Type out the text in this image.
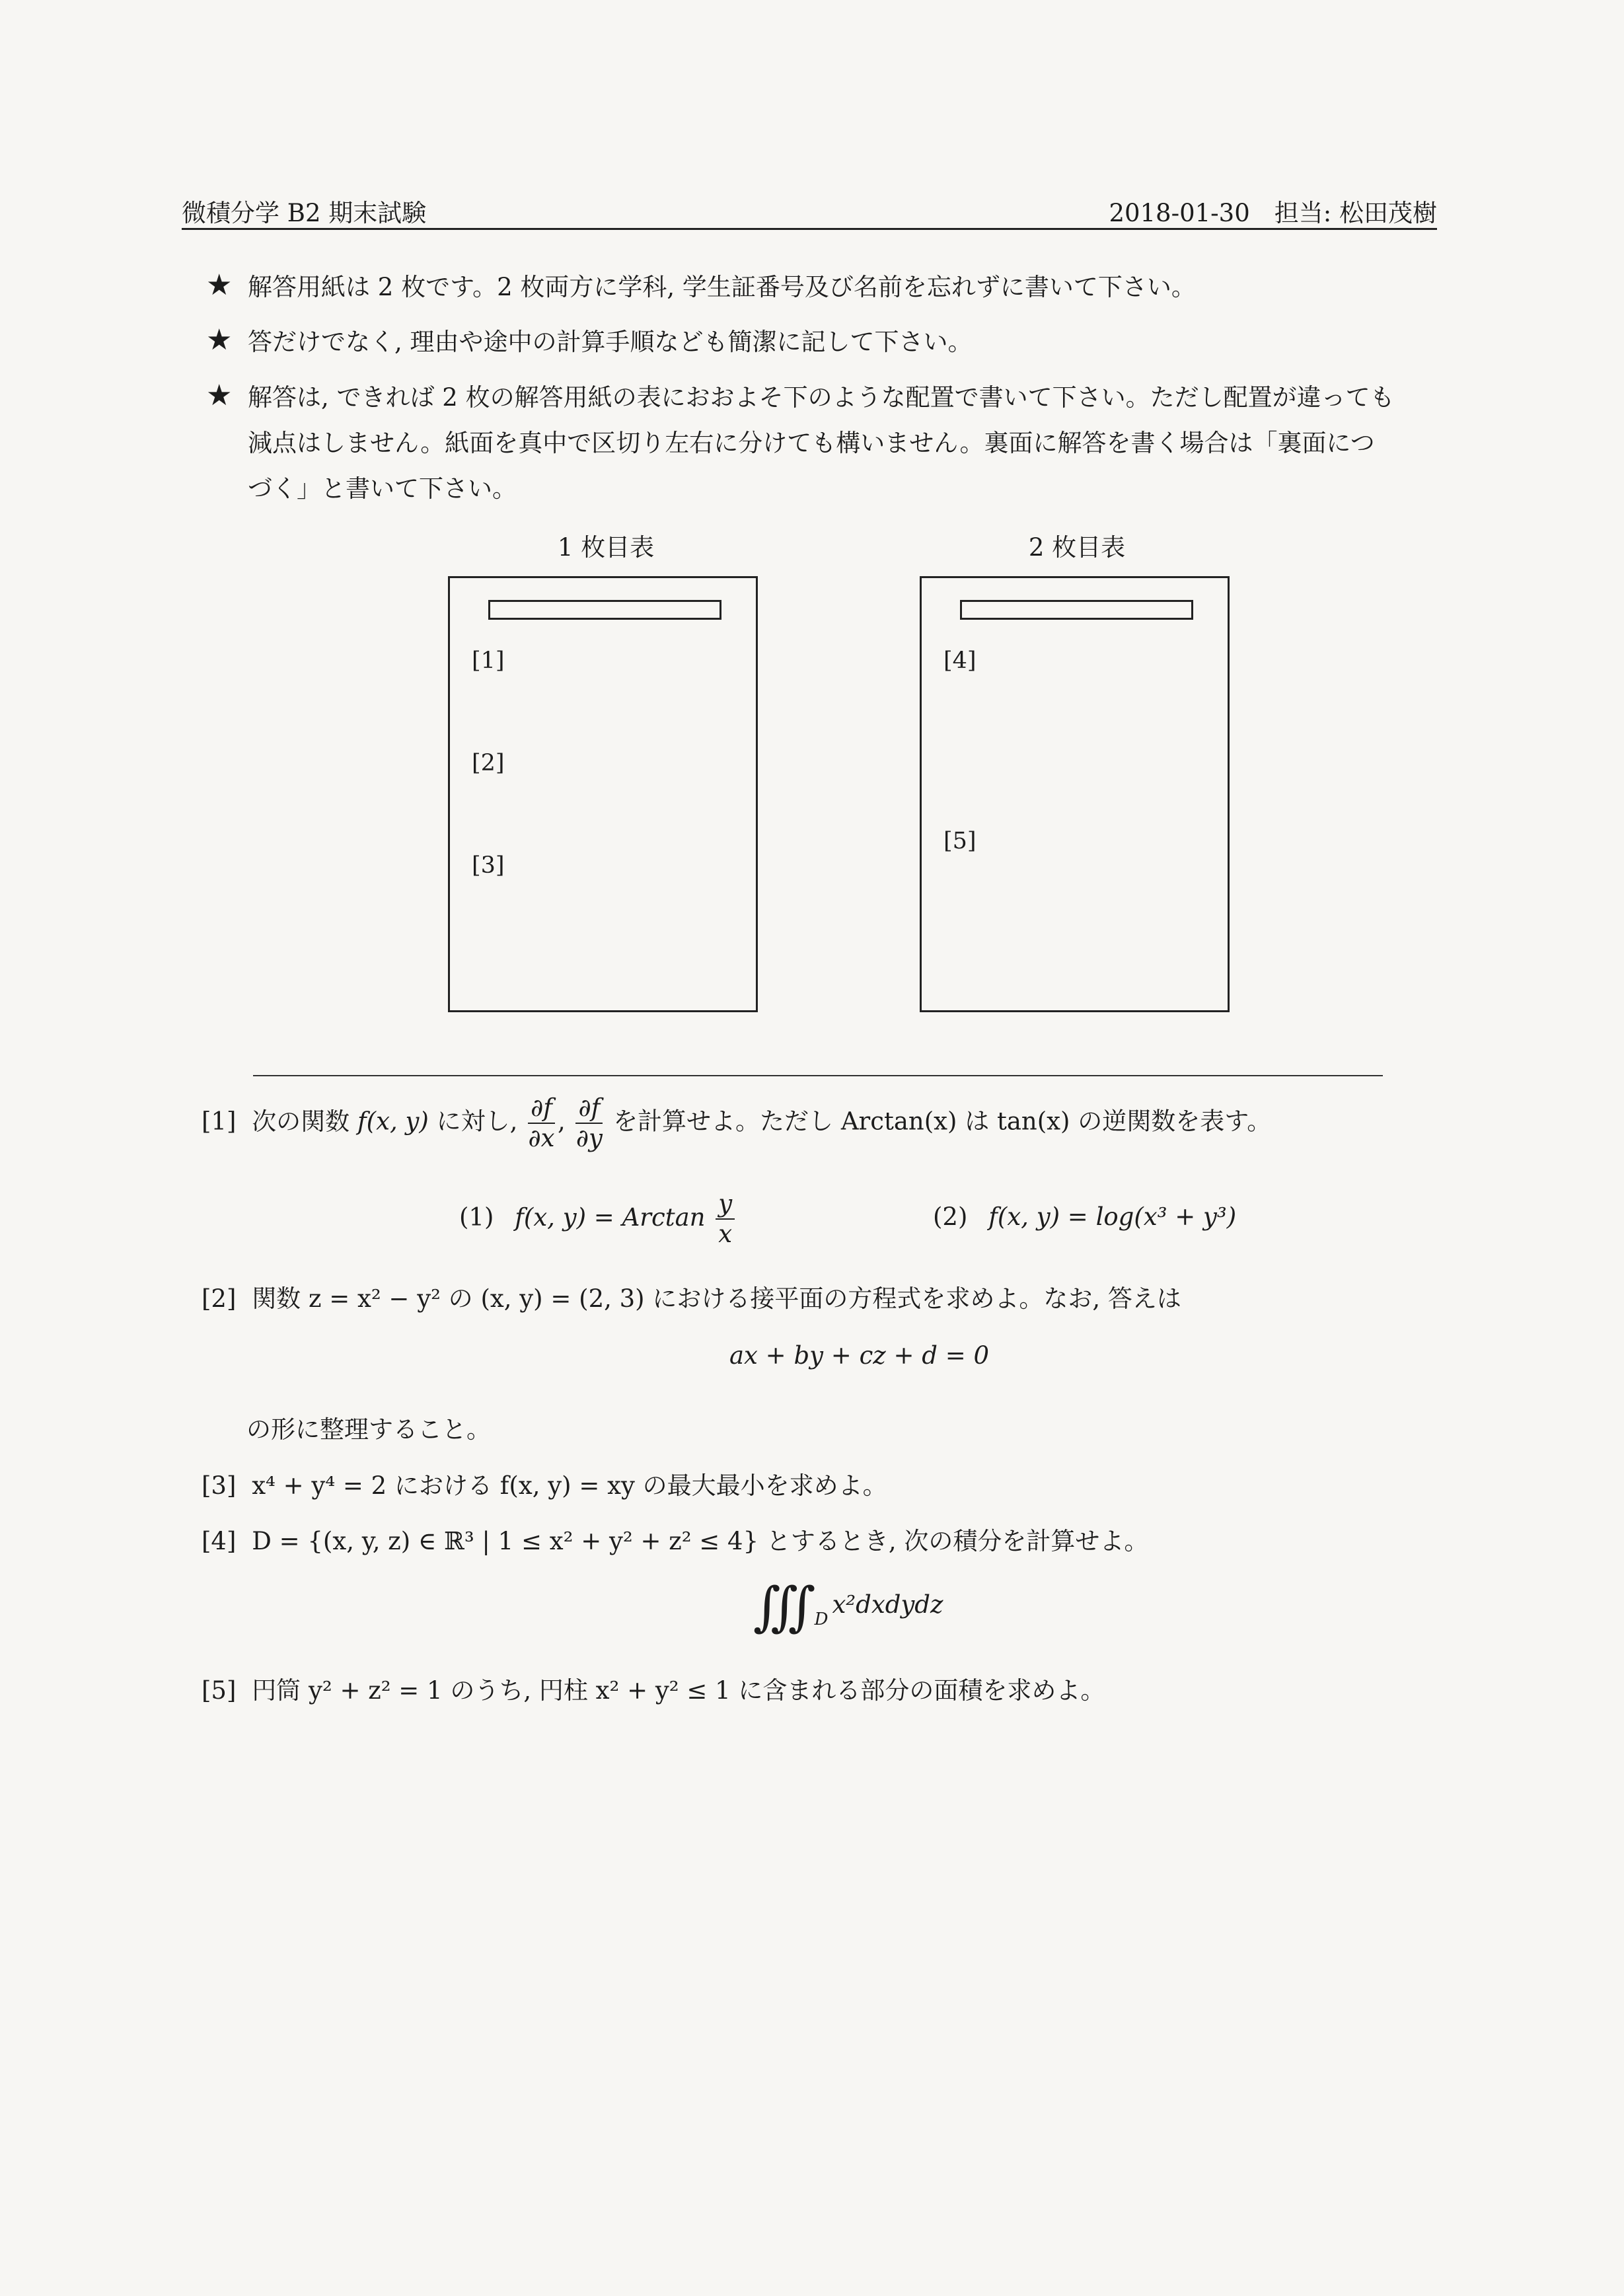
微積分学 B2 期末試験	2018-01-30　担当: 松田茂樹
★ 解答用紙は 2 枚です。2 枚両方に学科, 学生証番号及び名前を忘れずに書いて下さい。
★ 答だけでなく, 理由や途中の計算手順なども簡潔に記して下さい。
★ 解答は, できれば 2 枚の解答用紙の表におおよそ下のような配置で書いて下さい。ただし配置が違っても
減点はしません。紙面を真中で区切り左右に分けても構いません。裏面に解答を書く場合は「裏面につ
づく」と書いて下さい。
1 枚目表
[1]
[2]
[3]
2 枚目表
[4]
[5]
[1] 次の関数 f(x, y) に対し, $\frac{\partial f}{\partial x}$ , $\frac{\partial f}{\partial y}$ を計算せよ。ただし Arctan(x) は tan(x) の逆関数を表す。
(1) f(x, y) = Arctan $\frac{y}{x}$	(2) f(x, y) = log(x³ + y³)
[2] 関数 z = x² − y² の (x, y) = (2, 3) における接平面の方程式を求めよ。なお, 答えは
ax + by + cz + d = 0
の形に整理すること。
[3] x⁴ + y⁴ = 2 における f(x, y) = xy の最大最小を求めよ。
[4] D = {(x, y, z) ∈ ℝ³ | 1 ≤ x² + y² + z² ≤ 4} とするとき, 次の積分を計算せよ。
∭ $_D$x²dxdydz
[5] 円筒 y² + z² = 1 のうち, 円柱 x² + y² ≤ 1 に含まれる部分の面積を求めよ。
